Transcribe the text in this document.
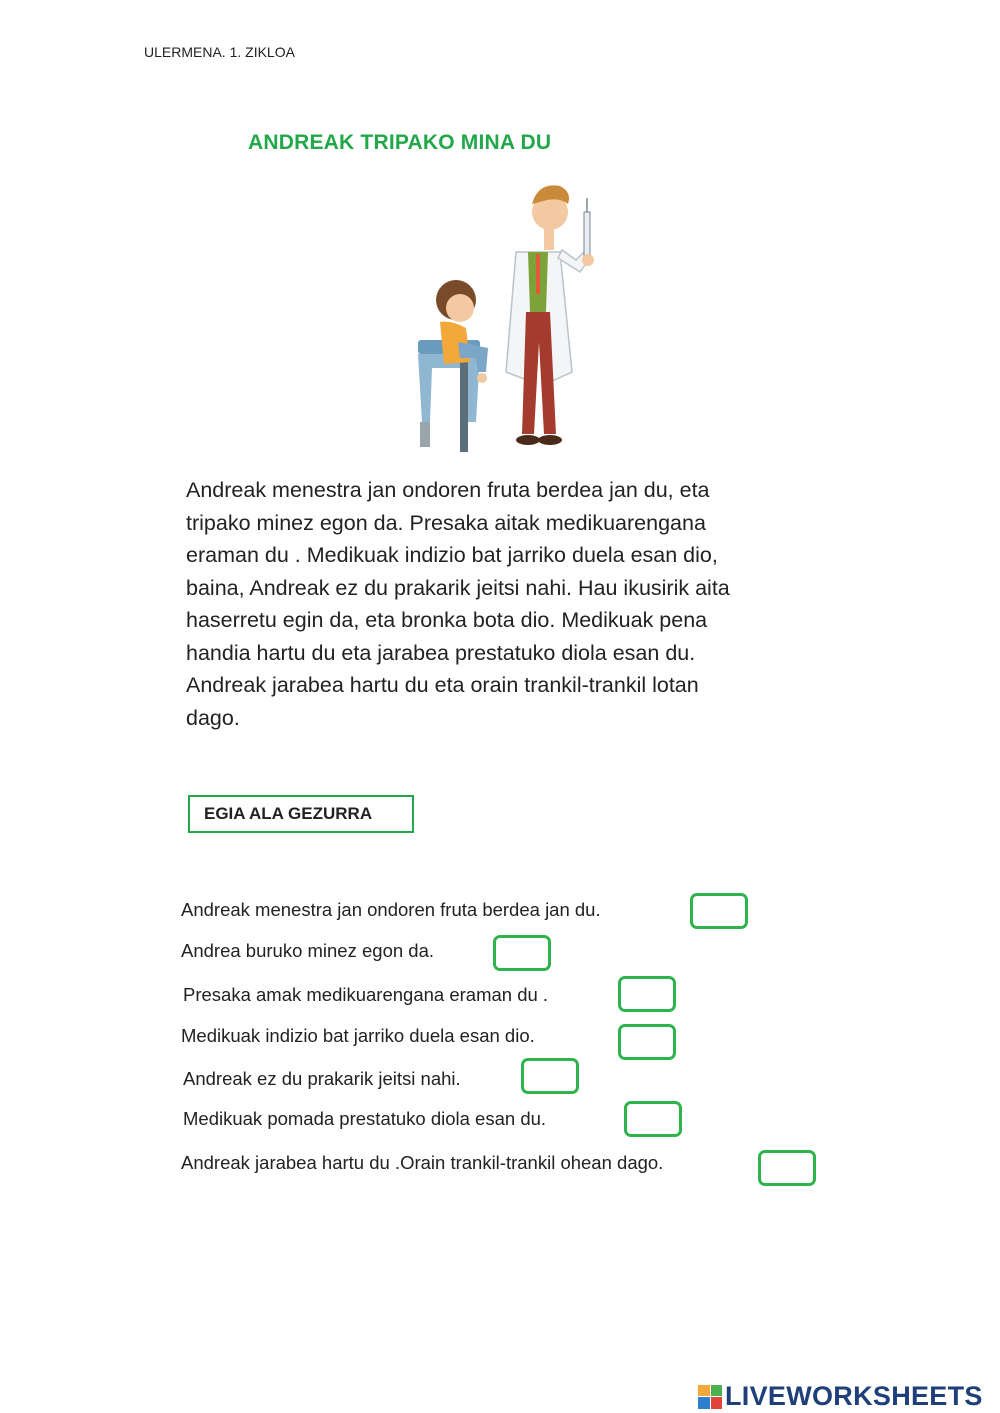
ULERMENA. 1. ZIKLOA
ANDREAK TRIPAKO MINA DU

Andreak menestra jan ondoren fruta berdea jan du, eta

tripako minez egon da. Presaka aitak medikuarengana

eraman du . Medikuak indizio bat jarriko duela esan dio,

baina, Andreak ez du prakarik jeitsi nahi. Hau ikusirik aita

haserretu egin da, eta bronka bota dio. Medikuak pena

handia hartu du eta jarabea prestatuko diola esan du.

Andreak jarabea hartu du eta orain trankil-trankil lotan

dago.

EGIA ALA GEZURRA
Andreak menestra jan ondoren fruta berdea jan du.
Andrea buruko minez egon da.
Presaka amak medikuarengana eraman du .
Medikuak indizio bat jarriko duela esan dio.
Andreak ez du prakarik jeitsi nahi.
Medikuak pomada prestatuko diola esan du.
Andreak jarabea hartu du .Orain trankil-trankil ohean dago.
LIVEWORKSHEETS
